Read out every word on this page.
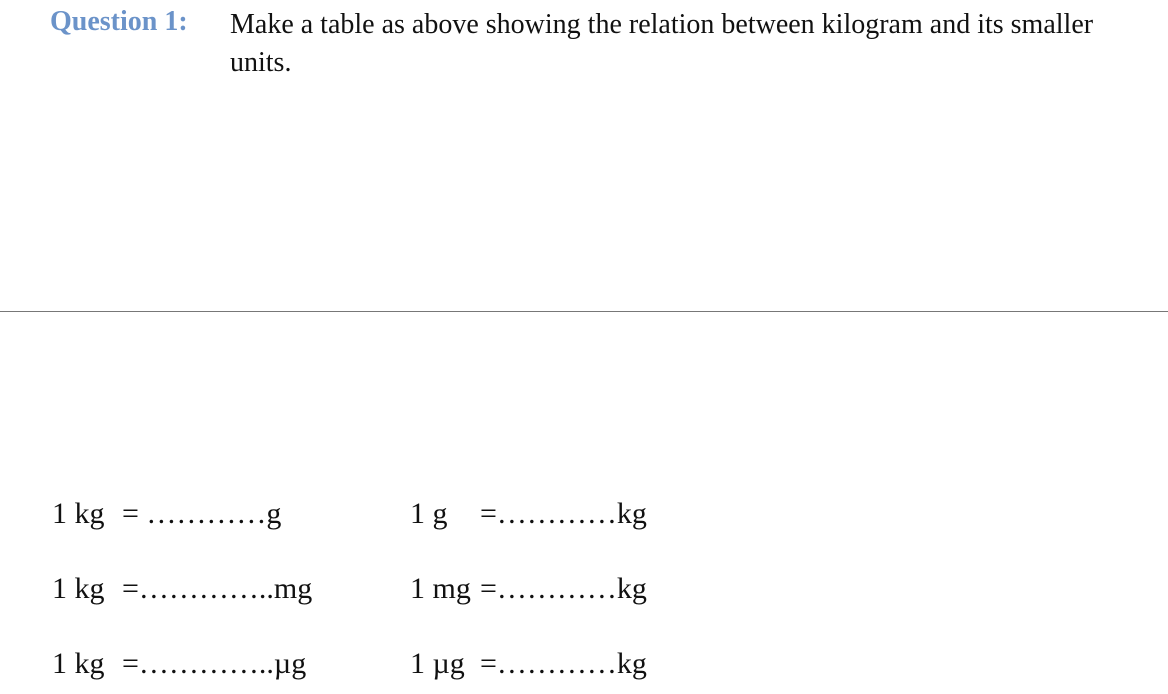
Question 1: Make a table as above showing the relation between kilogram and its smaller units.
1 kg = …………g
1 kg =…………..mg
1 kg =…………..µg
1 g =…………kg
1 mg =…………kg
1 µg =…………kg
